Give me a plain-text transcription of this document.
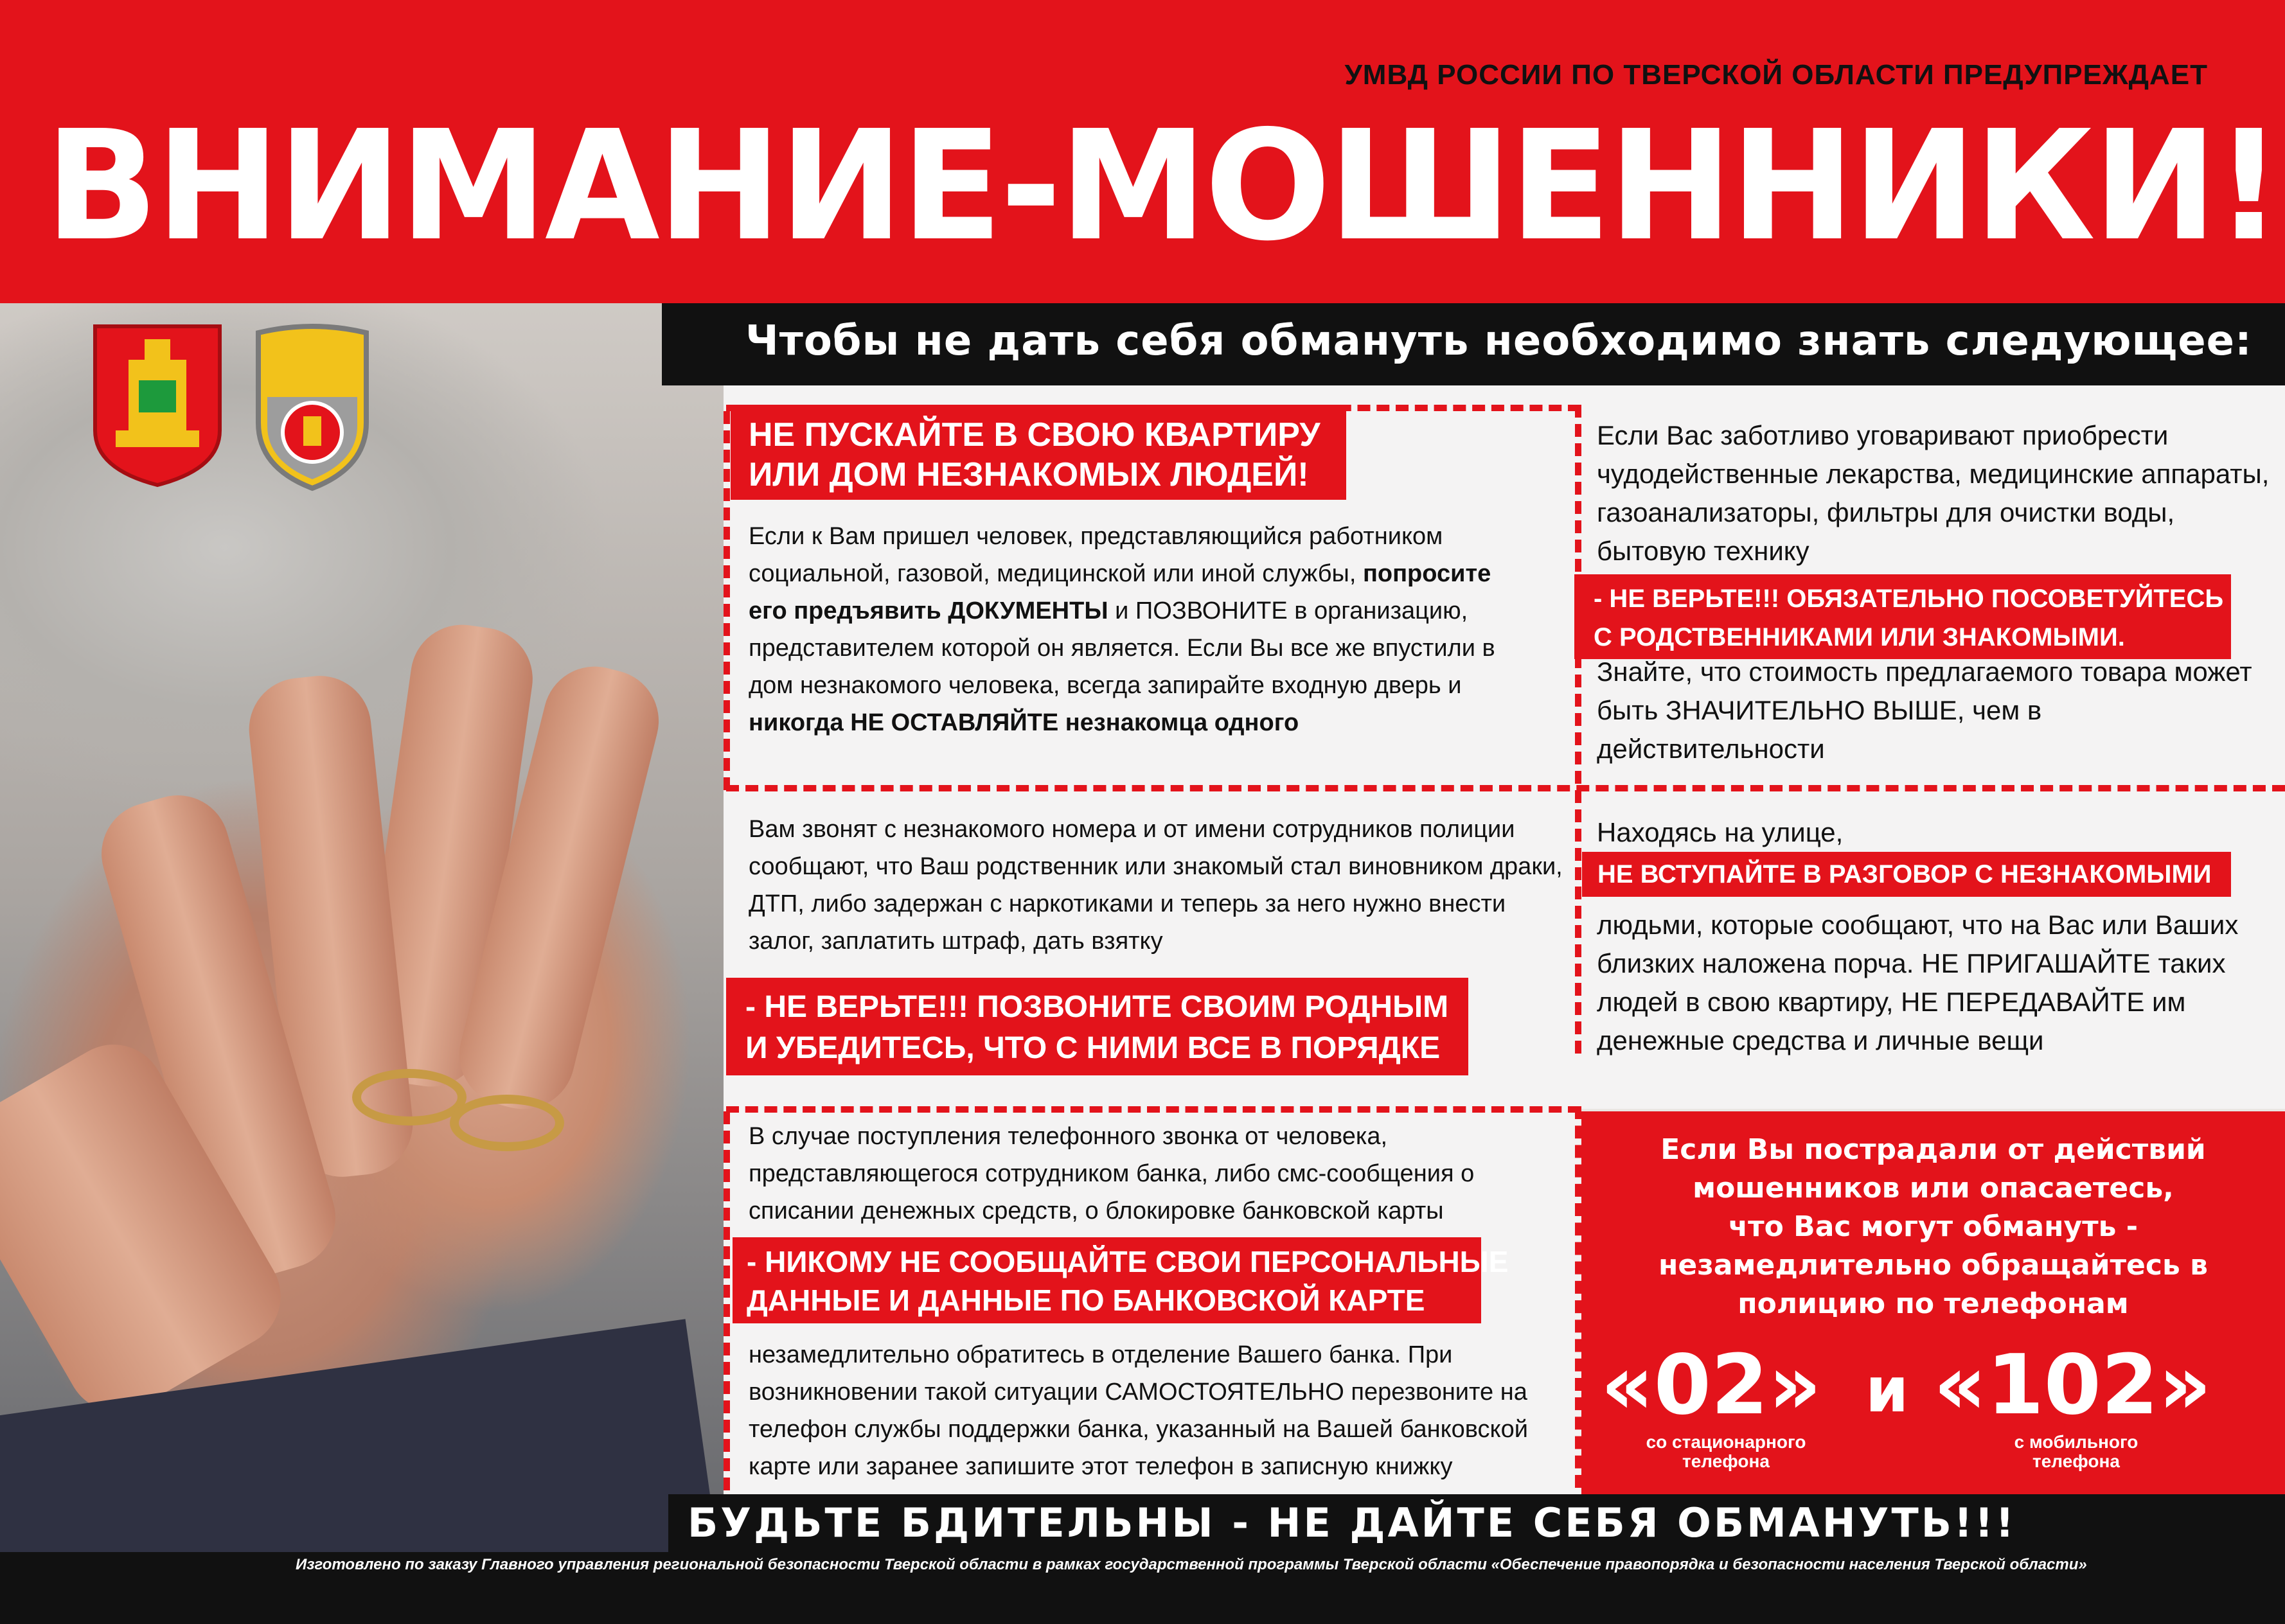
УМВД РОССИИ ПО ТВЕРСКОЙ ОБЛАСТИ ПРЕДУПРЕЖДАЕТ
ВНИМАНИЕ-МОШЕННИКИ!
Чтобы не дать себя обмануть необходимо знать следующее:
НЕ ПУСКАЙТЕ В СВОЮ КВАРТИРУ
ИЛИ ДОМ НЕЗНАКОМЫХ ЛЮДЕЙ!
Если к Вам пришел человек, представляющийся работником социальной, газовой, медицинской или иной службы, попросите его предъявить ДОКУМЕНТЫ и ПОЗВОНИТЕ в организацию, представителем которой он является. Если Вы все же впустили в дом незнакомого человека, всегда запирайте входную дверь и никогда НЕ ОСТАВЛЯЙТЕ незнакомца одного
Вам звонят с незнакомого номера и от имени сотрудников полиции сообщают, что Ваш родственник или знакомый стал виновником драки, ДТП, либо задержан с наркотиками и теперь за него нужно внести залог, заплатить штраф, дать взятку
- НЕ ВЕРЬТЕ!!! ПОЗВОНИТЕ СВОИМ РОДНЫМ
И УБЕДИТЕСЬ, ЧТО С НИМИ ВСЕ В ПОРЯДКЕ
В случае поступления телефонного звонка от человека, представляющегося сотрудником банка, либо смс-сообщения о списании денежных средств, о блокировке банковской карты
- НИКОМУ НЕ СООБЩАЙТЕ СВОИ ПЕРСОНАЛЬНЫЕ
ДАННЫЕ И ДАННЫЕ ПО БАНКОВСКОЙ КАРТЕ
незамедлительно обратитесь в отделение Вашего банка. При возникновении такой ситуации САМОСТОЯТЕЛЬНО перезвоните на телефон службы поддержки банка, указанный на Вашей банковской карте или заранее запишите этот телефон в записную книжку
Если Вас заботливо уговаривают приобрести чудодейственные лекарства, медицинские аппараты, газоанализаторы, фильтры для очистки воды, бытовую технику
- НЕ ВЕРЬТЕ!!! ОБЯЗАТЕЛЬНО ПОСОВЕТУЙТЕСЬ
С РОДСТВЕННИКАМИ ИЛИ ЗНАКОМЫМИ.
Знайте, что стоимость предлагаемого товара может быть ЗНАЧИТЕЛЬНО ВЫШЕ, чем в действительности
Находясь на улице,
НЕ ВСТУПАЙТЕ В РАЗГОВОР С НЕЗНАКОМЫМИ
людьми, которые сообщают, что на Вас или Ваших близких наложена порча. НЕ ПРИГАШАЙТЕ таких людей в свою квартиру, НЕ ПЕРЕДАВАЙТЕ им денежные средства и личные вещи
Если Вы пострадали от действий
мошенников или опасаетесь,
что Вас могут обмануть -
незамедлительно обращайтесь в
полицию по телефонам
«02» и «102»
со стационарного
телефона
с мобильного
телефона
БУДЬТЕ БДИТЕЛЬНЫ - НЕ ДАЙТЕ СЕБЯ ОБМАНУТЬ!!!
Изготовлено по заказу Главного управления региональной безопасности Тверской области в рамках государственной программы Тверской области «Обеспечение правопорядка и безопасности населения Тверской области»
